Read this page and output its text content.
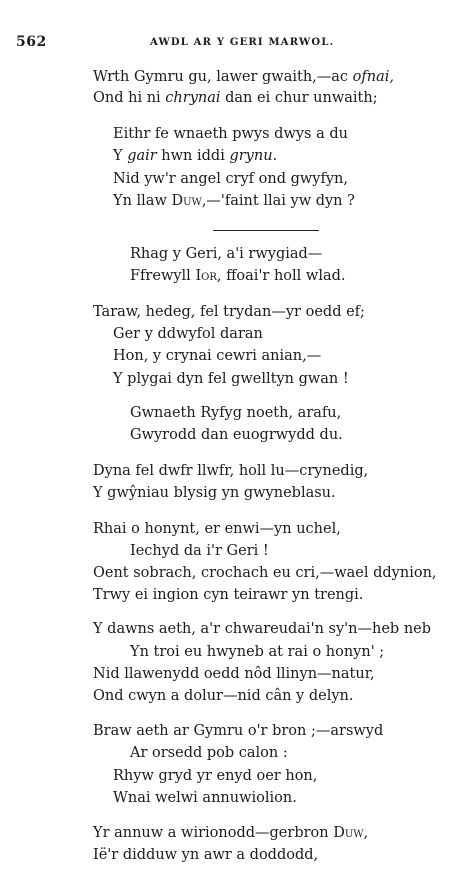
562	AWDL AR Y GERI MARWOL.
Wrth Gymru gu, lawer gwaith,—ac ofnai,
Ond hi ni chrynai dan ei chur unwaith;
Eithr fe wnaeth pwys dwys a du
Y gair hwn iddi grynu.
Nid yw'r angel cryf ond gwyfyn,
Yn llaw Duw,—'faint llai yw dyn ?
Rhag y Geri, a'i rwygiad—
Ffrewyll Ior, ffoai'r holl wlad.
Taraw, hedeg, fel trydan—yr oedd ef;
Ger y ddwyfol daran
Hon, y crynai cewri anian,—
Y plygai dyn fel gwelltyn gwan !
Gwnaeth Ryfyg noeth, arafu,
Gwyrodd dan euogrwydd du.
Dyna fel dwfr llwfr, holl lu—crynedig,
Y gwŷniau blysig yn gwyneblasu.
Rhai o honynt, er enwi—yn uchel,
Iechyd da i'r Geri !
Oent sobrach, crochach eu cri,—wael ddynion,
Trwy ei ingion cyn teirawr yn trengi.
Y dawns aeth, a'r chwareudai'n sy'n—heb neb
Yn troi eu hwyneb at rai o honyn' ;
Nid llawenydd oedd nôd llinyn—natur,
Ond cwyn a dolur—nid cân y delyn.
Braw aeth ar Gymru o'r bron ;—arswyd
Ar orsedd pob calon :
Rhyw gryd yr enyd oer hon,
Wnai welwi annuwiolion.
Yr annuw a wirionodd—gerbron Duw,
Ië'r didduw yn awr a doddodd,
